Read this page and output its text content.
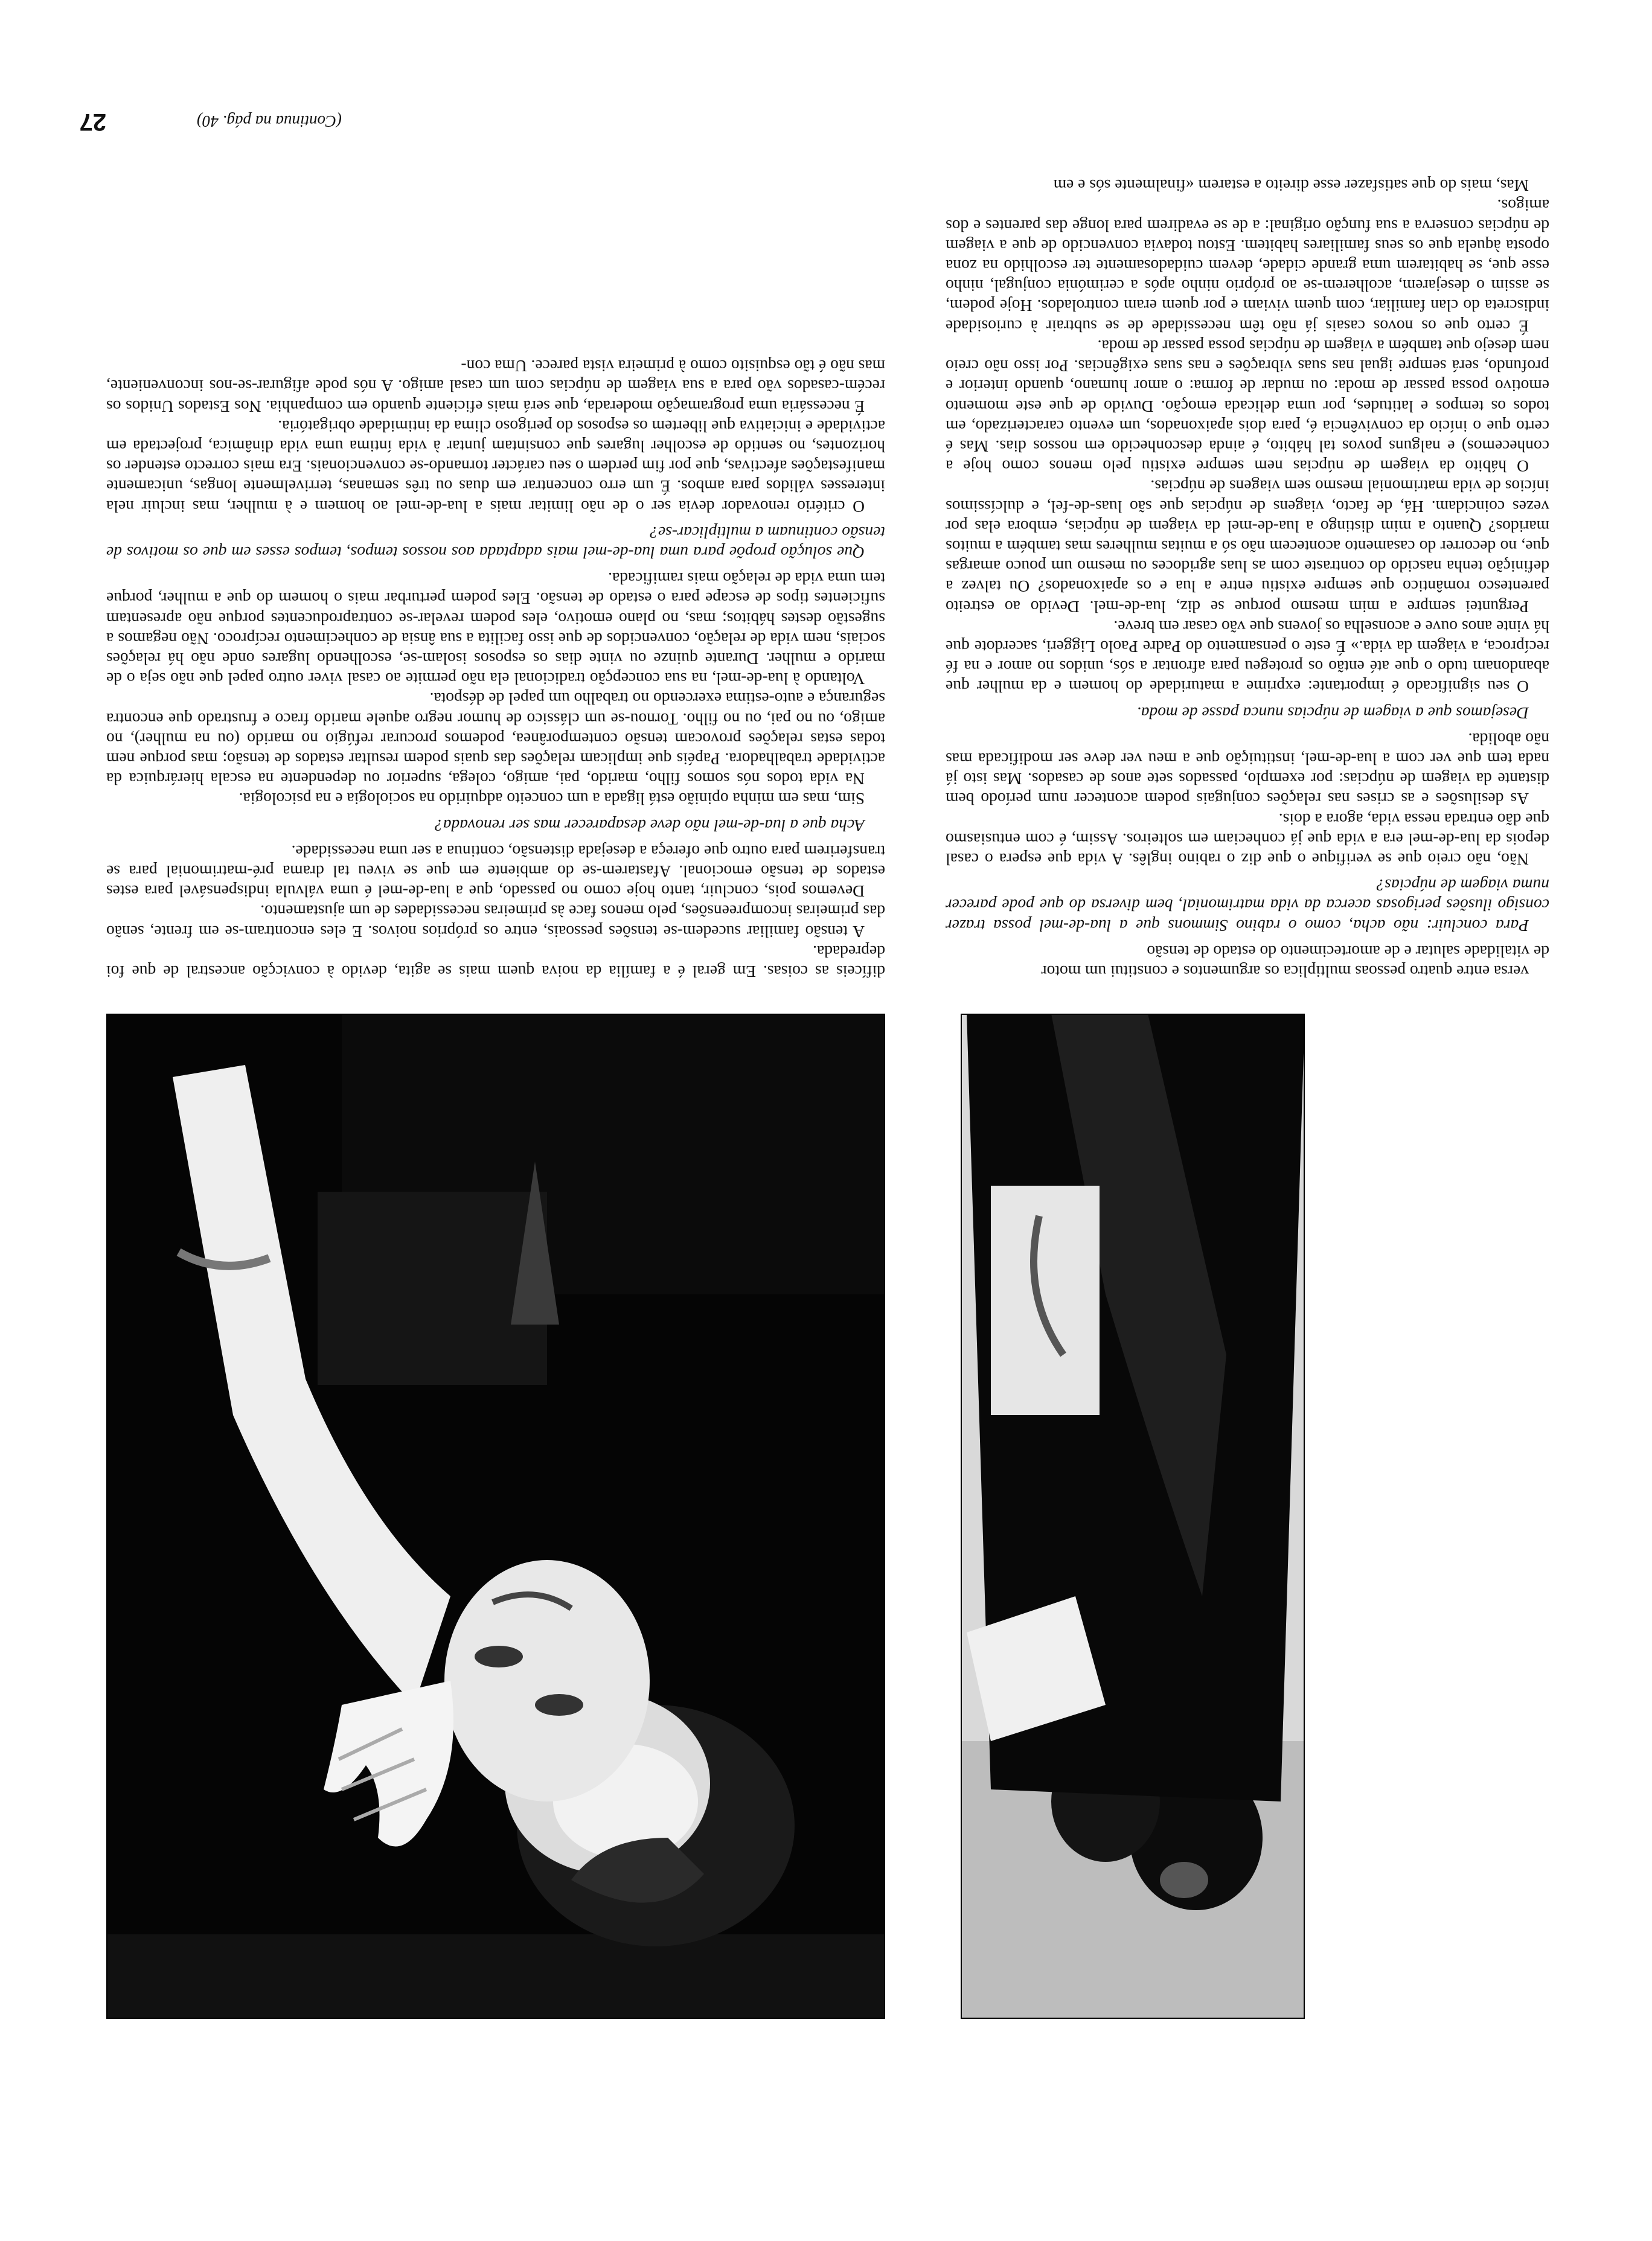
difíceis as coisas. Em geral é a família da noiva quem mais se agita, devido à convicção ancestral de que foi depredada.

A tensão familiar sucedem-se tensões pessoais, entre os próprios noivos. E eles encontram-se em frente, senão das primeiras incompreensões, pelo menos face às primeiras necessidades de um ajustamento.

Devemos pois, concluir, tanto hoje como no passado, que a lua-de-mel é uma válvula indispensável para estes estados de tensão emocional. Afastarem-se do ambiente em que se viveu tal drama pré-matrimonial para se transferirem para outro que ofereça a desejada distensão, continua a ser uma necessidade.

Acha que a lua-de-mel não deve desaparecer mas ser renovada?

Sim, mas em minha opinião está ligada a um conceito adquirido na sociologia e na psicologia.

Na vida todos nós somos filho, marido, pai, amigo, colega, superior ou dependente na escala hierárquica da actividade trabalhadora. Papéis que implicam relações das quais podem resultar estados de tensão; mas porque nem todas estas relações provocam tensão contemporânea, podemos procurar refúgio no marido (ou na mulher), no amigo, ou no pai, ou no filho. Tornou-se um clássico de humor negro aquele marido fraco e frustrado que encontra segurança e auto-estima exercendo no trabalho um papel de déspota.

Voltando à lua-de-mel, na sua concepção tradicional ela não permite ao casal viver outro papel que não seja o de marido e mulher. Durante quinze ou vinte dias os esposos isolam-se, escolhendo lugares onde não há relações sociais, nem vida de relação, convencidos de que isso facilita a sua ânsia de conhecimento recíproco. Não negamos a sugestão destes hábitos; mas, no plano emotivo, eles podem revelar-se contraproducentes porque não apresentam suficientes tipos de escape para o estado de tensão. Eles podem perturbar mais o homem do que a mulher, porque tem uma vida de relação mais ramificada.

Que solução propõe para uma lua-de-mel mais adaptada aos nossos tempos, tempos esses em que os motivos de tensão continuam a multiplicar-se?

O critério renovador devia ser o de não limitar mais a lua-de-mel ao homem e à mulher, mas incluir nela interesses válidos para ambos. É um erro concentrar em duas ou três semanas, terrivelmente longas, unicamente manifestações afectivas, que por fim perdem o seu carácter tornando-se convencionais. Era mais correcto estender os horizontes, no sentido de escolher lugares que consintam juntar à vida íntima uma vida dinâmica, projectada em actividade e iniciativa que libertem os esposos do perigoso clima da intimidade obrigatória.

É necessária uma programação moderada, que será mais eficiente quando em companhia. Nos Estados Unidos os recém-casados vão para a sua viagem de núpcias com um casal amigo. A nós pode afigurar-se-nos inconveniente, mas não é tão esquisito como à primeira vista parece. Uma con-

versa entre quatro pessoas multiplica os argumentos e constitui um motor

de vitalidade salutar e de amortecimento do estado de tensão

Para concluir: não acha, como o rabino Simmons que a lua-de-mel possa trazer consigo ilusões perigosas acerca da vida matrimonial, bem diversa do que pode parecer numa viagem de núpcias?

Não, não creio que se verifique o que diz o rabino inglês. A vida que espera o casal depois da lua-de-mel era a vida que já conheciam em solteiros. Assim, é com entusiasmo que dão entrada nessa vida, agora a dois.

As desilusões e as crises nas relações conjugais podem acontecer num período bem distante da viagem de núpcias: por exemplo, passados sete anos de casados. Mas isto já nada tem que ver com a lua-de-mel, instituição que a meu ver deve ser modificada mas não abolida.

Desejamos que a viagem de núpcias nunca passe de moda.

O seu significado é importante: exprime a maturidade do homem e da mulher que abandonam tudo o que até então os protegeu para afrontar a sós, unidos no amor e na fé recíproca, a viagem da vida.» É este o pensamento do Padre Paolo Liggeri, sacerdote que há vinte anos ouve e aconselha os jovens que vão casar em breve.

Perguntei sempre a mim mesmo porque se diz, lua-de-mel. Devido ao estreito parentesco romântico que sempre existiu entre a lua e os apaixonados? Ou talvez a definição tenha nascido do contraste com as luas agridoces ou mesmo um pouco amargas que, no decorrer do casamento acontecem não só a muitas mulheres mas também a muitos maridos? Quanto a mim distingo a lua-de-mel da viagem de núpcias, embora elas por vezes coincidam. Há, de facto, viagens de núpcias que são luas-de-fel, e dulcíssimos inícios de vida matrimonial mesmo sem viagens de núpcias.

O hábito da viagem de núpcias nem sempre existiu pelo menos como hoje a conhecemos) e nalguns povos tal hábito, é ainda desconhecido em nossos dias. Mas é certo que o início da convivência é, para dois apaixonados, um evento caracterizado, em todos os tempos e latitudes, por uma delicada emoção. Duvido de que este momento emotivo possa passar de moda: ou mudar de forma: o amor humano, quando interior e profundo, será sempre igual nas suas vibrações e nas suas exigências. Por isso não creio nem desejo que também a viagem de núpcias possa passar de moda.

É certo que os novos casais já não têm necessidade de se subtrair à curiosidade indiscreta do clan familiar, com quem viviam e por quem eram controlados. Hoje podem, se assim o desejarem, acolherem-se ao próprio ninho após a cerimónia conjugal, ninho esse que, se habitarem uma grande cidade, devem cuidadosamente ter escolhido na zona oposta àquela que os seus familiares habitem. Estou todavia convencido de que a viagem de núpcias conserva a sua função original: a de se evadirem para longe das parentes e dos amigos.

Mas, mais do que satisfazer esse direito a estarem «finalmente sós e em

(Continua na pág. 40)
27
